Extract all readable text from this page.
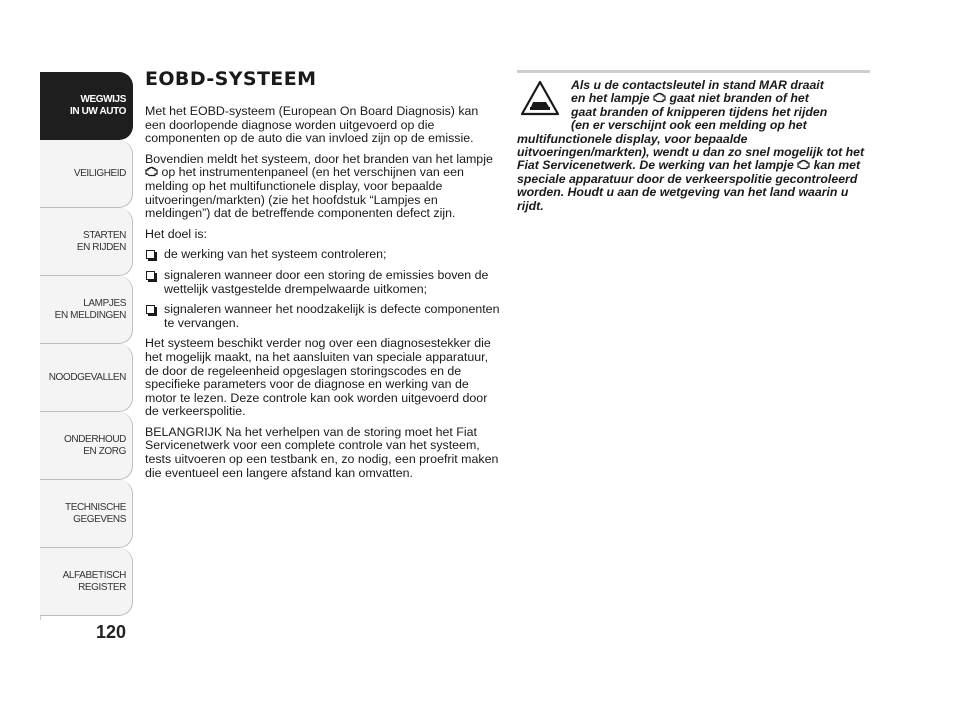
WEGWIJS
IN UW AUTO
VEILIGHEID
STARTEN
EN RIJDEN
LAMPJES
EN MELDINGEN
NOODGEVALLEN
ONDERHOUD
EN ZORG
TECHNISCHE
GEGEVENS
ALFABETISCH
REGISTER
120
EOBD-SYSTEEM

Met het EOBD-systeem (European On Board Diagnosis) kan een doorlopende diagnose worden uitgevoerd op die componenten op de auto die van invloed zijn op de emissie.

Bovendien meldt het systeem, door het branden van het lampje  op het instrumentenpaneel (en het verschijnen van een melding op het multifunctionele display, voor bepaalde uitvoeringen/markten) (zie het hoofdstuk “Lampjes en meldingen”) dat de betreffende componenten defect zijn.

Het doel is:

de werking van het systeem controleren;
signaleren wanneer door een storing de emissies boven de wettelijk vastgestelde drempelwaarde uitkomen;
signaleren wanneer het noodzakelijk is defecte componenten te vervangen.

Het systeem beschikt verder nog over een diagnosestekker die het mogelijk maakt, na het aansluiten van speciale apparatuur, de door de regeleenheid opgeslagen storingscodes en de specifieke parameters voor de diagnose en werking van de motor te lezen. Deze controle kan ook worden uitgevoerd door de verkeerspolitie.

BELANGRIJK Na het verhelpen van de storing moet het Fiat Servicenetwerk voor een complete controle van het systeem, tests uitvoeren op een testbank en, zo nodig, een proefrit maken die eventueel een langere afstand kan omvatten.

Als u de contactsleutel in stand MAR draait
en het lampje gaat niet branden of het
gaat branden of knipperen tijdens het rijden
(en er verschijnt ook een melding op het
multifunctionele display, voor bepaalde uitvoeringen/markten), wendt u dan zo snel mogelijk tot het Fiat Servicenetwerk. De werking van het lampje kan met speciale apparatuur door de verkeerspolitie gecontroleerd worden. Houdt u aan de wetgeving van het land waarin u rijdt.
